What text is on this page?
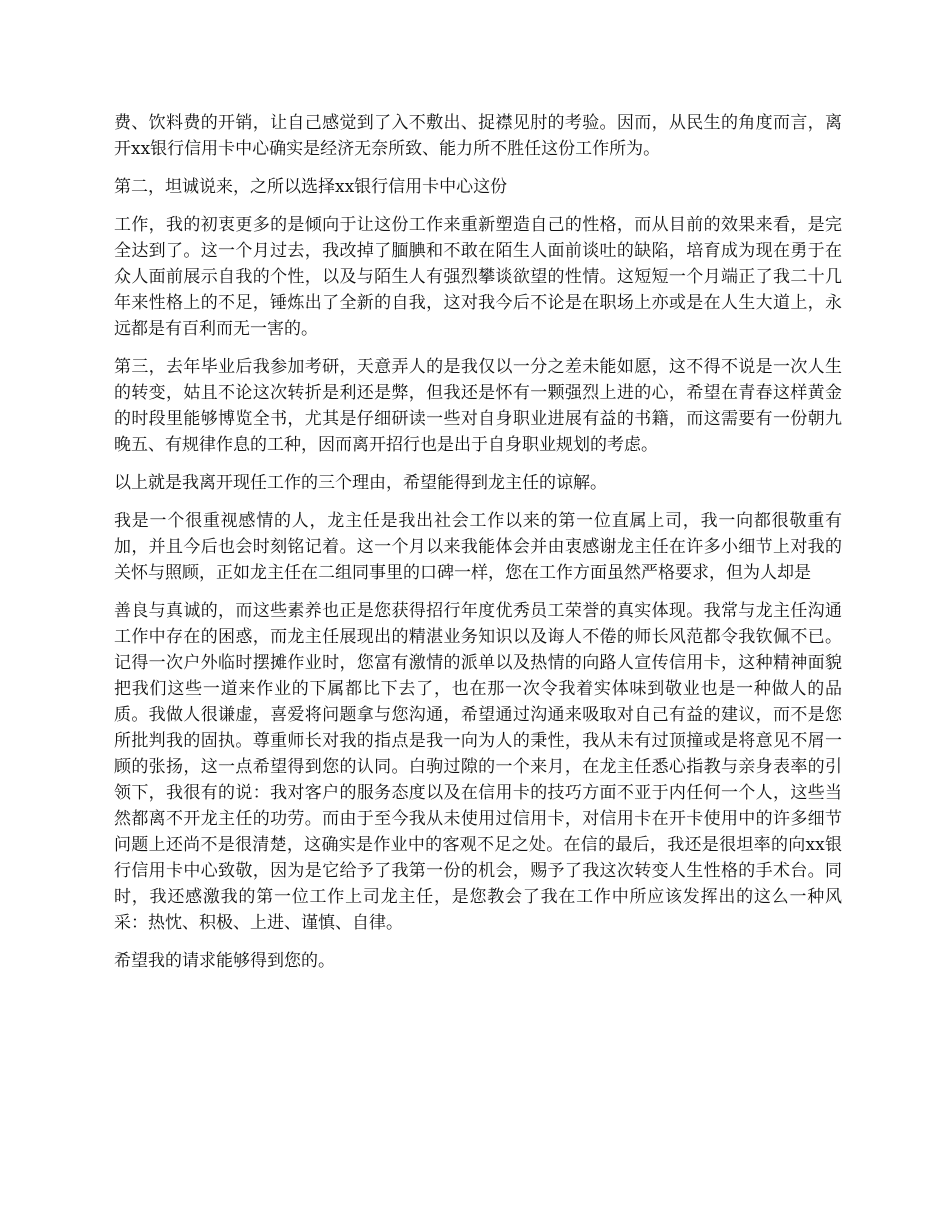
费、饮料费的开销，让自己感觉到了入不敷出、捉襟见肘的考验。因而，从民生的角度而言，离开xx银行信用卡中心确实是经济无奈所致、能力所不胜任这份工作所为。

第二，坦诚说来，之所以选择xx银行信用卡中心这份

工作，我的初衷更多的是倾向于让这份工作来重新塑造自己的性格，而从目前的效果来看，是完全达到了。这一个月过去，我改掉了腼腆和不敢在陌生人面前谈吐的缺陷，培育成为现在勇于在众人面前展示自我的个性，以及与陌生人有强烈攀谈欲望的性情。这短短一个月端正了我二十几年来性格上的不足，锤炼出了全新的自我，这对我今后不论是在职场上亦或是在人生大道上，永远都是有百利而无一害的。

第三，去年毕业后我参加考研，天意弄人的是我仅以一分之差未能如愿，这不得不说是一次人生的转变，姑且不论这次转折是利还是弊，但我还是怀有一颗强烈上进的心，希望在青春这样黄金的时段里能够博览全书，尤其是仔细研读一些对自身职业进展有益的书籍，而这需要有一份朝九晚五、有规律作息的工种，因而离开招行也是出于自身职业规划的考虑。

以上就是我离开现任工作的三个理由，希望能得到龙主任的谅解。

我是一个很重视感情的人，龙主任是我出社会工作以来的第一位直属上司，我一向都很敬重有加，并且今后也会时刻铭记着。这一个月以来我能体会并由衷感谢龙主任在许多小细节上对我的关怀与照顾，正如龙主任在二组同事里的口碑一样，您在工作方面虽然严格要求，但为人却是

善良与真诚的，而这些素养也正是您获得招行年度优秀员工荣誉的真实体现。我常与龙主任沟通工作中存在的困惑，而龙主任展现出的精湛业务知识以及诲人不倦的师长风范都令我钦佩不已。记得一次户外临时摆摊作业时，您富有激情的派单以及热情的向路人宣传信用卡，这种精神面貌把我们这些一道来作业的下属都比下去了，也在那一次令我着实体味到敬业也是一种做人的品质。我做人很谦虚，喜爱将问题拿与您沟通，希望通过沟通来吸取对自己有益的建议，而不是您所批判我的固执。尊重师长对我的指点是我一向为人的秉性，我从未有过顶撞或是将意见不屑一顾的张扬，这一点希望得到您的认同。白驹过隙的一个来月，在龙主任悉心指教与亲身表率的引领下，我很有的说：我对客户的服务态度以及在信用卡的技巧方面不亚于内任何一个人，这些当然都离不开龙主任的功劳。而由于至今我从未使用过信用卡，对信用卡在开卡使用中的许多细节问题上还尚不是很清楚，这确实是作业中的客观不足之处。在信的最后，我还是很坦率的向xx银行信用卡中心致敬，因为是它给予了我第一份的机会，赐予了我这次转变人生性格的手术台。同时，我还感激我的第一位工作上司龙主任，是您教会了我在工作中所应该发挥出的这么一种风采：热忱、积极、上进、谨慎、自律。

希望我的请求能够得到您的。
